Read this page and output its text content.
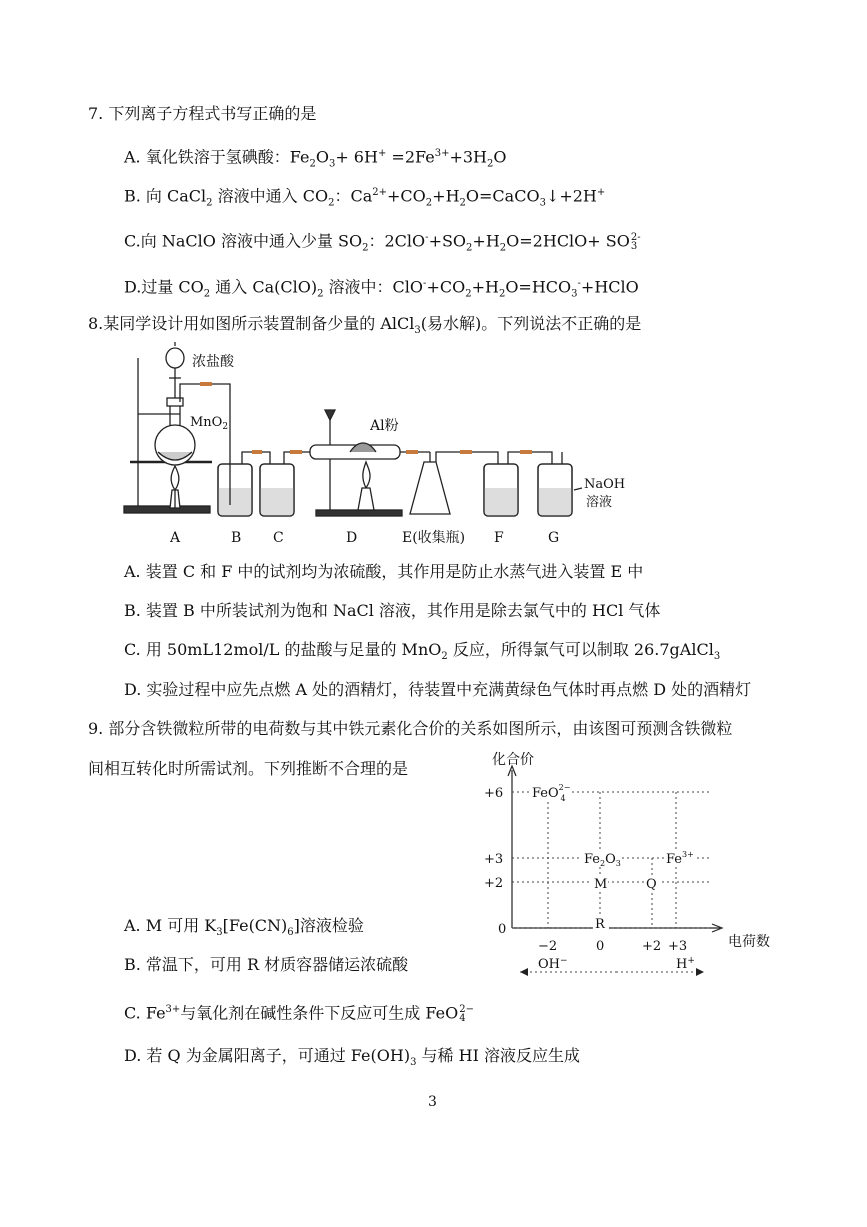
7. 下列离子方程式书写正确的是
A. 氧化铁溶于氢碘酸：$Fe_2O_3+ 6H^+ =2Fe^{3+}+3H_2O$
B. 向 CaCl$_2$ 溶液中通入 $CO_2$：$Ca^{2+}+CO_2+H_2O=CaCO_3↓+2H^+$
C.向 NaClO 溶液中通入少量 $SO_2$：$2ClO^-+SO_2+H_2O=2HClO+$ SO 2-
3
D.过量 $CO_2$ 通入 $Ca(ClO)_2$ 溶液中：$ClO^-+CO_2+H_2O=HCO_3^-+HClO$
8.某同学设计用如图所示装置制备少量的 AlCl$_3$(易水解)。下列说法不正确的是
浓盐酸
MnO$_2$	Al粉
NaOH
溶液
A	B C	D	E(收集瓶) F	G
A. 装置 C 和 F 中的试剂均为浓硫酸，其作用是防止水蒸气进入装置 E 中
B. 装置 B 中所装试剂为饱和 NaCl 溶液，其作用是除去氯气中的 HCl 气体
C. 用 50mL12mol/L 的盐酸与足量的 MnO$_2$ 反应，所得氯气可以制取 26.7gAlCl$_3$
D. 实验过程中应先点燃 A 处的酒精灯，待装置中充满黄绿色气体时再点燃 D 处的酒精灯
9. 部分含铁微粒所带的电荷数与其中铁元素化合价的关系如图所示，由该图可预测含铁微粒
间相互转化时所需试剂。下列推断不合理的是	化合价
电荷数
+6
+3
+2
0
−2	0	+2 +3
OH−	H+
FeO$^{2-}$ 4
$Fe_2O_3$	$Fe^{3+}$
M	Q
R
A. M 可用 $K_3[Fe(CN)_6]$溶液检验
B. 常温下，可用 R 材质容器储运浓硫酸
C. $Fe^{3+}$与氧化剂在碱性条件下反应可生成 FeO 2−
4
D. 若 Q 为金属阳离子，可通过 $Fe(OH)_3$ 与稀 HI 溶液反应生成
3
